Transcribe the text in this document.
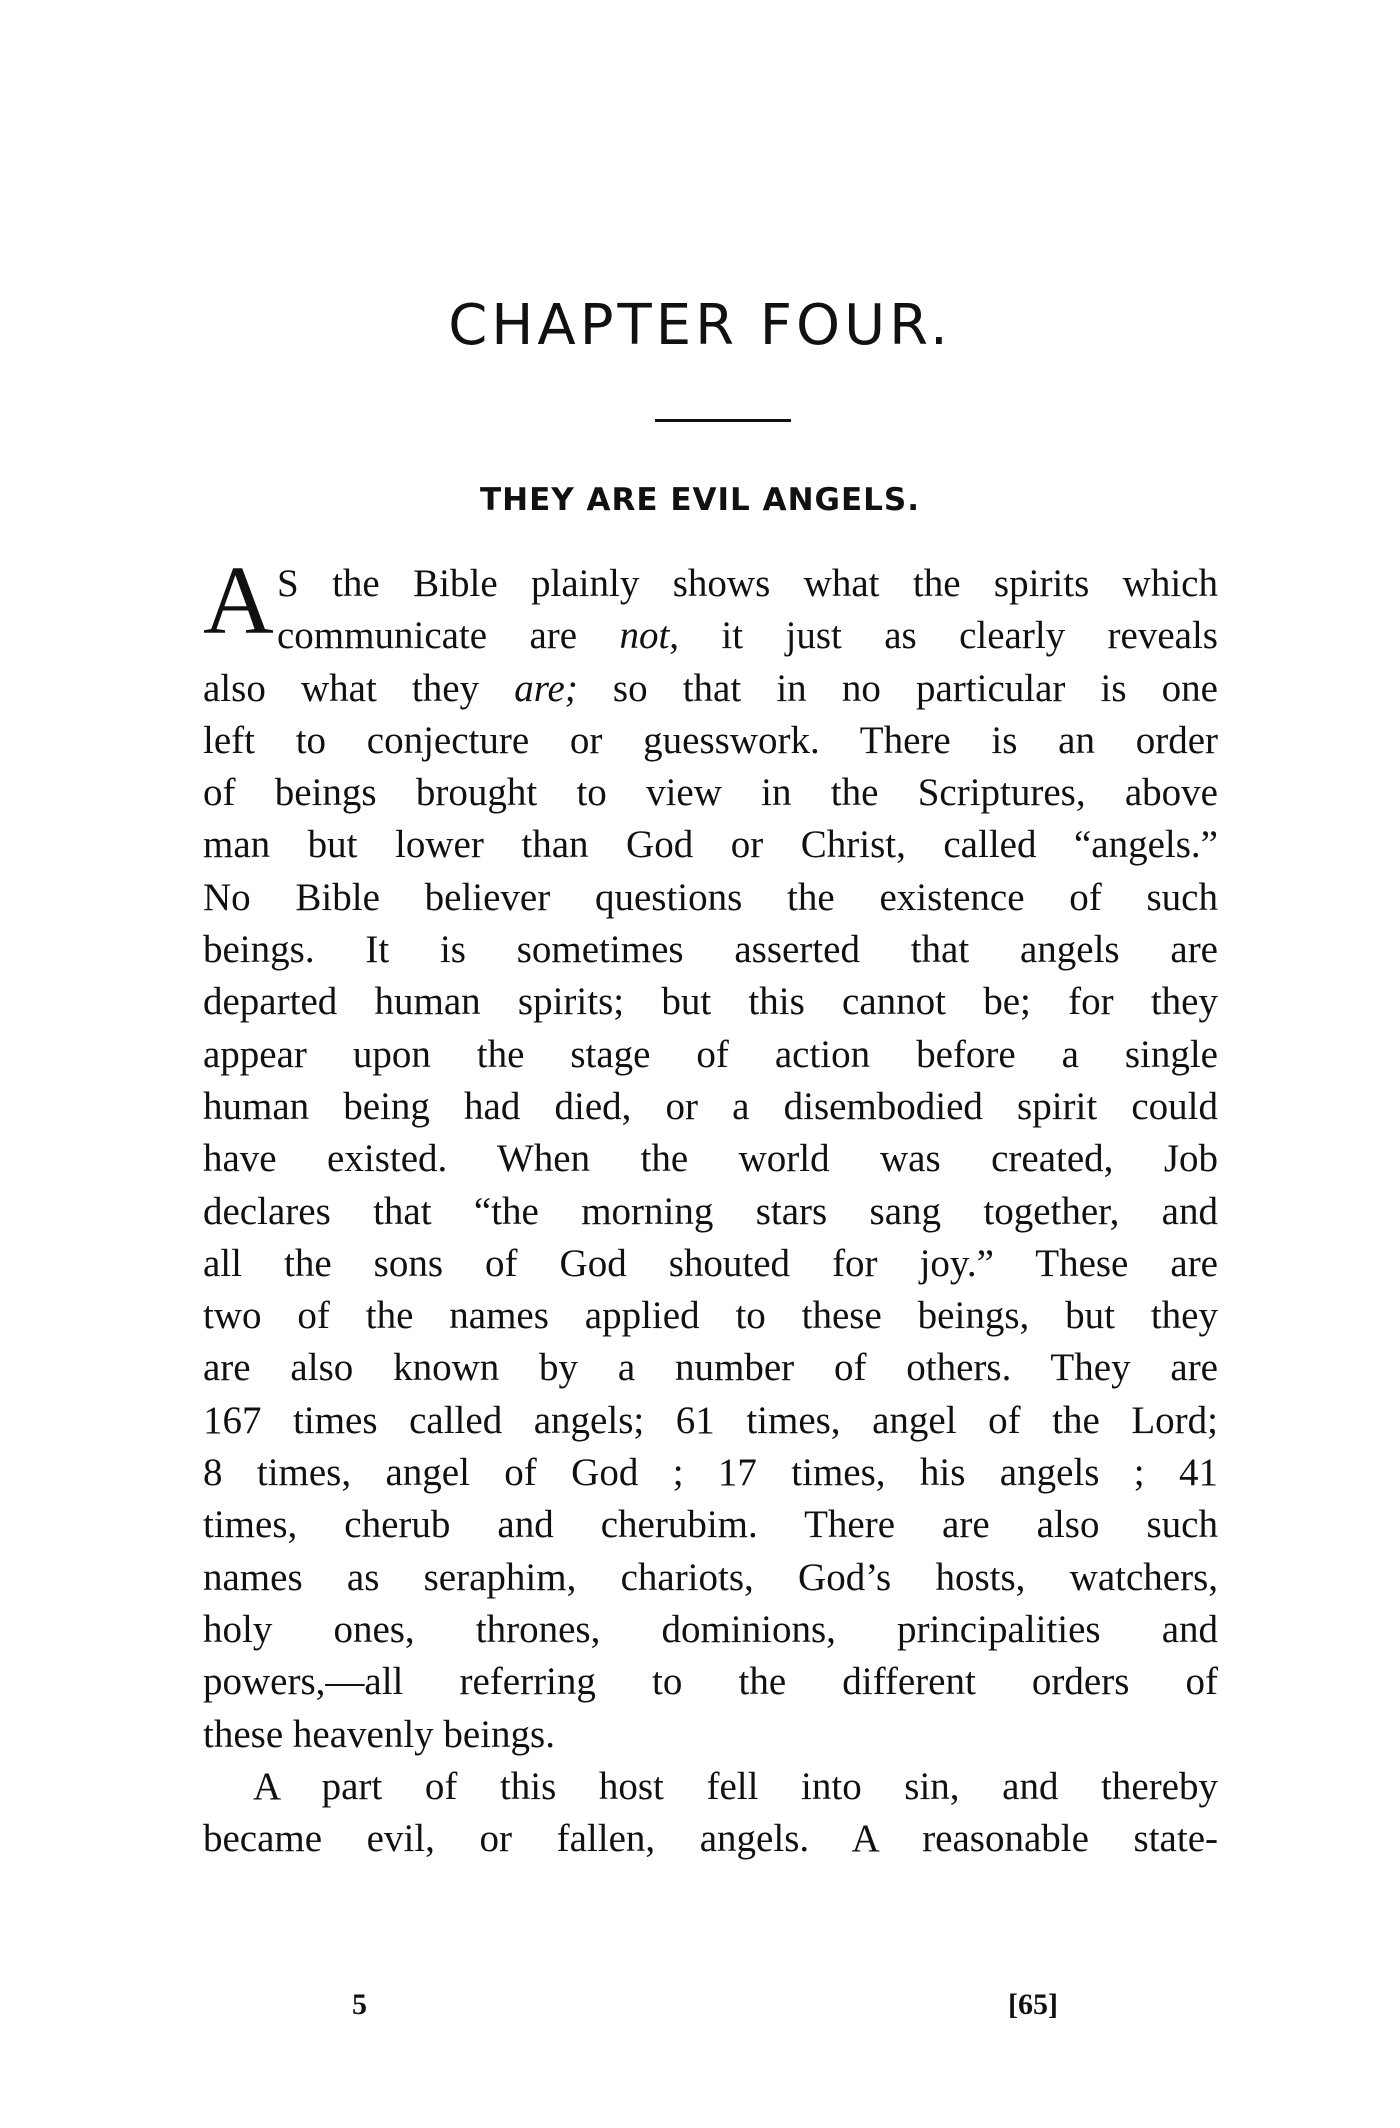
CHAPTER FOUR.
THEY ARE EVIL ANGELS.
A S the Bible plainly shows what the spirits which
communicate are not, it just as clearly reveals
also what they are; so that in no particular is one
left to conjecture or guesswork. There is an order
of beings brought to view in the Scriptures, above
man but lower than God or Christ, called “angels.”
No Bible believer questions the existence of such
beings. It is sometimes asserted that angels are
departed human spirits; but this cannot be; for they
appear upon the stage of action before a single
human being had died, or a disembodied spirit could
have existed. When the world was created, Job
declares that “the morning stars sang together, and
all the sons of God shouted for joy.” These are
two of the names applied to these beings, but they
are also known by a number of others. They are
167 times called angels; 61 times, angel of the Lord;
8 times, angel of God ; 17 times, his angels ; 41
times, cherub and cherubim. There are also such
names as seraphim, chariots, God’s hosts, watchers,
holy ones, thrones, dominions, principalities and
powers,—all referring to the different orders of
these heavenly beings.
A part of this host fell into sin, and thereby
became evil, or fallen, angels. A reasonable state-
5	[65]
